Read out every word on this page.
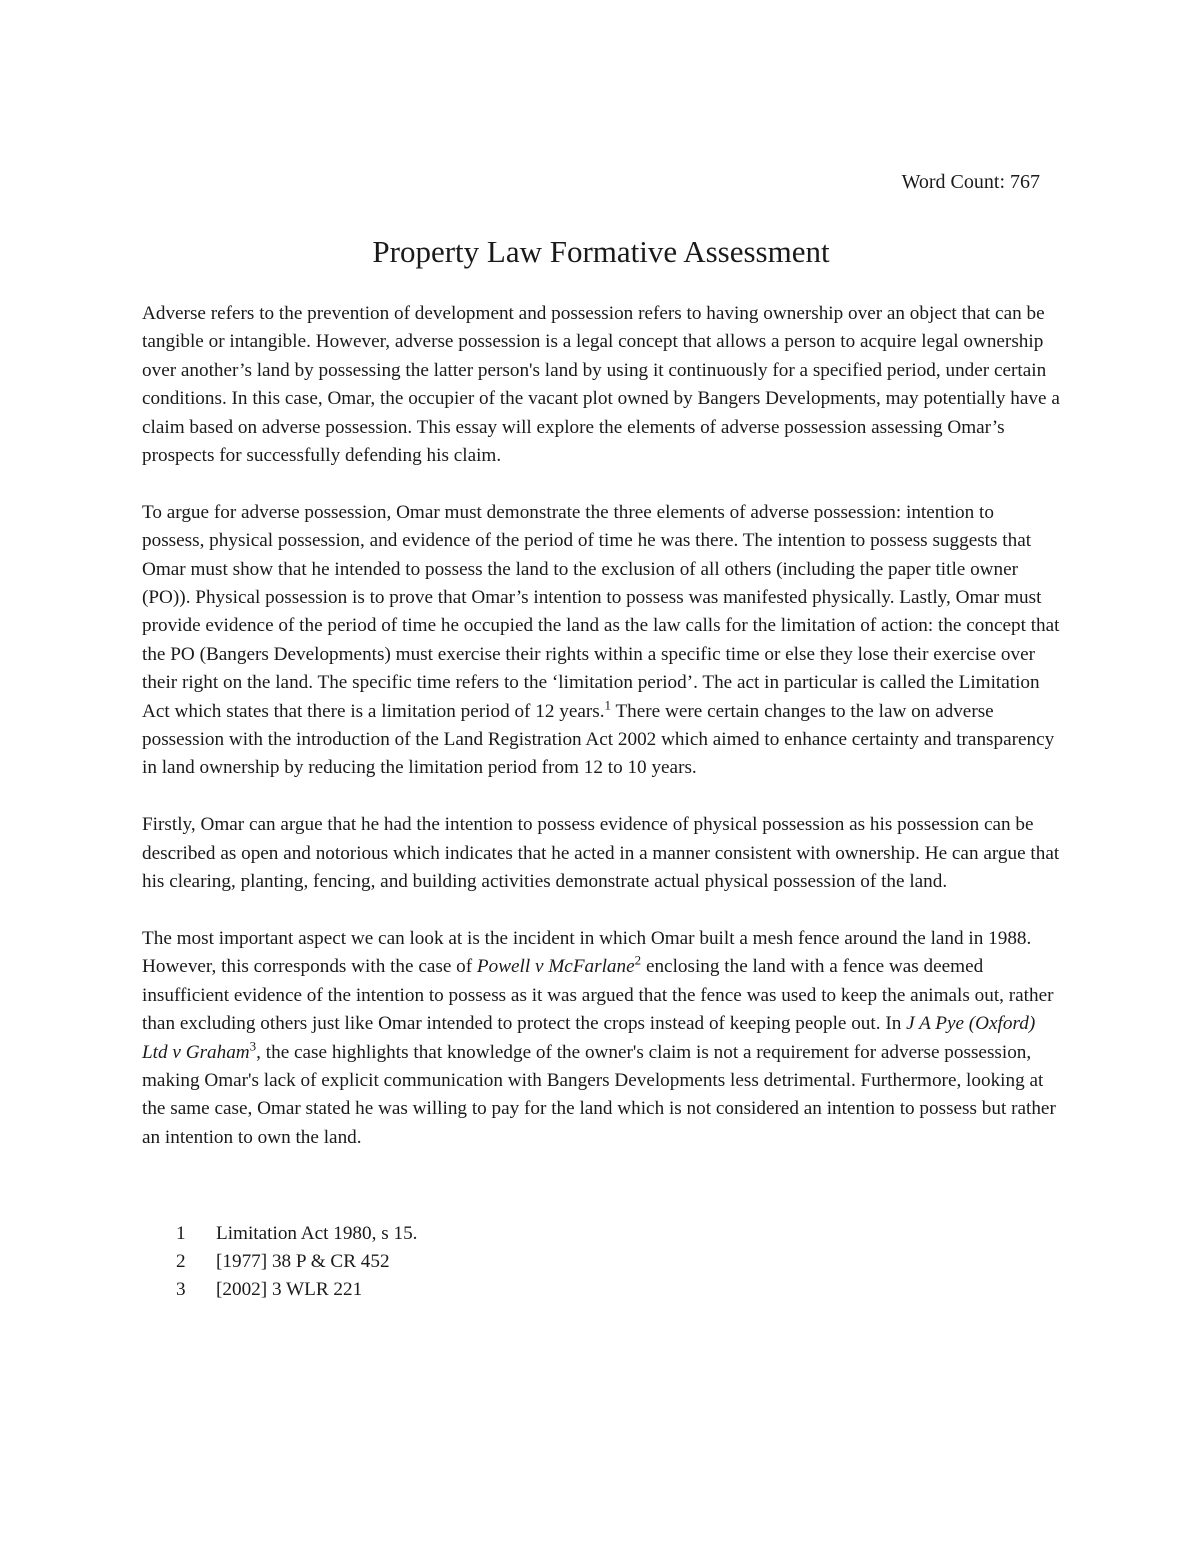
Word Count: 767

Property Law Formative Assessment

Adverse refers to the prevention of development and possession refers to having ownership over an object that can be tangible or intangible. However, adverse possession is a legal concept that allows a person to acquire legal ownership over another’s land by possessing the latter person's land by using it continuously for a specified period, under certain conditions. In this case, Omar, the occupier of the vacant plot owned by Bangers Developments, may potentially have a claim based on adverse possession. This essay will explore the elements of adverse possession assessing Omar’s prospects for successfully defending his claim.

To argue for adverse possession, Omar must demonstrate the three elements of adverse possession: intention to possess, physical possession, and evidence of the period of time he was there. The intention to possess suggests that Omar must show that he intended to possess the land to the exclusion of all others (including the paper title owner (PO)). Physical possession is to prove that Omar’s intention to possess was manifested physically. Lastly, Omar must provide evidence of the period of time he occupied the land as the law calls for the limitation of action: the concept that the PO (Bangers Developments) must exercise their rights within a specific time or else they lose their exercise over their right on the land. The specific time refers to the ‘limitation period’. The act in particular is called the Limitation Act which states that there is a limitation period of 12 years.$^1$ There were certain changes to the law on adverse possession with the introduction of the Land Registration Act 2002 which aimed to enhance certainty and transparency in land ownership by reducing the limitation period from 12 to 10 years.

Firstly, Omar can argue that he had the intention to possess evidence of physical possession as his possession can be described as open and notorious which indicates that he acted in a manner consistent with ownership. He can argue that his clearing, planting, fencing, and building activities demonstrate actual physical possession of the land.

The most important aspect we can look at is the incident in which Omar built a mesh fence around the land in 1988. However, this corresponds with the case of Powell v McFarlane$^2$ enclosing the land with a fence was deemed insufficient evidence of the intention to possess as it was argued that the fence was used to keep the animals out, rather than excluding others just like Omar intended to protect the crops instead of keeping people out. In J A Pye (Oxford) Ltd v Graham$^3$, the case highlights that knowledge of the owner's claim is not a requirement for adverse possession, making Omar's lack of explicit communication with Bangers Developments less detrimental. Furthermore, looking at the same case, Omar stated he was willing to pay for the land which is not considered an intention to possess but rather an intention to own the land.

1	Limitation Act 1980, s 15.
2	[1977] 38 P & CR 452
3	[2002] 3 WLR 221
